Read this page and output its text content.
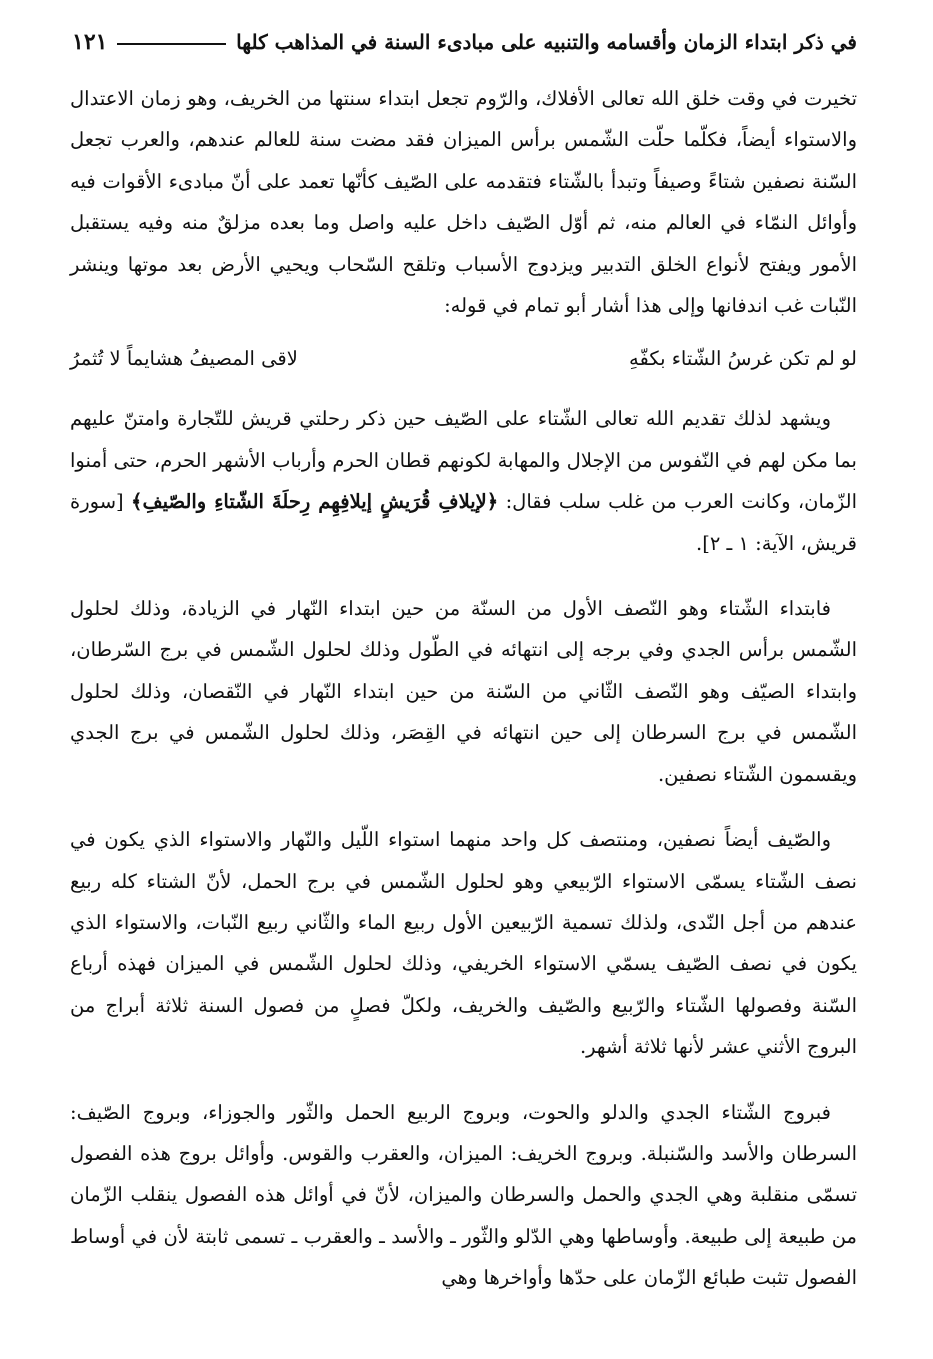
في ذكر ابتداء الزمان وأقسامه والتنبيه على مبادىء السنة في المذاهب كلها
١٢١

تخيرت في وقت خلق الله تعالى الأفلاك، والرّوم تجعل ابتداء سنتها من الخريف، وهو زمان الاعتدال والاستواء أيضاً، فكلّما حلّت الشّمس برأس الميزان فقد مضت سنة للعالم عندهم، والعرب تجعل السّنة نصفين شتاءً وصيفاً وتبدأ بالشّتاء فتقدمه على الصّيف كأنّها تعمد على أنّ مبادىء الأقوات فيه وأوائل النمّاء في العالم منه، ثم أوّل الصّيف داخل عليه واصل وما بعده مزلقٌ منه وفيه يستقبل الأمور ويفتح لأنواع الخلق التدبير ويزدوج الأسباب وتلقح السّحاب ويحيي الأرض بعد موتها وينشر النّبات غب اندفانها وإلى هذا أشار أبو تمام في قوله:

لو لم تكن غرسُ الشّتاء بكفّهِ
لاقى المصيفُ هشايماً لا تُثمرُ

ويشهد لذلك تقديم الله تعالى الشّتاء على الصّيف حين ذكر رحلتي قريش للتّجارة وامتنّ عليهم بما مكن لهم في النّفوس من الإجلال والمهابة لكونهم قطان الحرم وأرباب الأشهر الحرم، حتى أمنوا الزّمان، وكانت العرب من غلب سلب فقال: ﴿لإيلافِ قُرَيشٍ إيلافِهِم رِحلَةَ الشّتاءِ والصّيفِ﴾ [سورة قريش، الآية: ١ ـ ٢].

فابتداء الشّتاء وهو النّصف الأول من السنّة من حين ابتداء النّهار في الزيادة، وذلك لحلول الشّمس برأس الجدي وفي برجه إلى انتهائه في الطّول وذلك لحلول الشّمس في برج السّرطان، وابتداء الصيّف وهو النّصف الثّاني من السّنة من حين ابتداء النّهار في النّقصان، وذلك لحلول الشّمس في برج السرطان إلى حين انتهائه في القِصَر، وذلك لحلول الشّمس في برج الجدي ويقسمون الشّتاء نصفين.

والصّيف أيضاً نصفين، ومنتصف كل واحد منهما استواء اللّيل والنّهار والاستواء الذي يكون في نصف الشّتاء يسمّى الاستواء الرّبيعي وهو لحلول الشّمس في برج الحمل، لأنّ الشتاء كله ربيع عندهم من أجل النّدى، ولذلك تسمية الرّبيعين الأول ربيع الماء والثّاني ربيع النّبات، والاستواء الذي يكون في نصف الصّيف يسمّي الاستواء الخريفي، وذلك لحلول الشّمس في الميزان فهذه أرباع السّنة وفصولها الشّتاء والرّبيع والصّيف والخريف، ولكلّ فصلٍ من فصول السنة ثلاثة أبراج من البروج الأثني عشر لأنها ثلاثة أشهر.

فبروج الشّتاء الجدي والدلو والحوت، وبروج الربيع الحمل والثّور والجوزاء، وبروج الصّيف: السرطان والأسد والسّنبلة. وبروج الخريف: الميزان، والعقرب والقوس. وأوائل بروج هذه الفصول تسمّى منقلبة وهي الجدي والحمل والسرطان والميزان، لأنّ في أوائل هذه الفصول ينقلب الزّمان من طبيعة إلى طبيعة. وأوساطها وهي الدّلو والثّور ـ والأسد ـ والعقرب ـ تسمى ثابتة لأن في أوساط الفصول تثبت طبائع الزّمان على حدّها وأواخرها وهي
